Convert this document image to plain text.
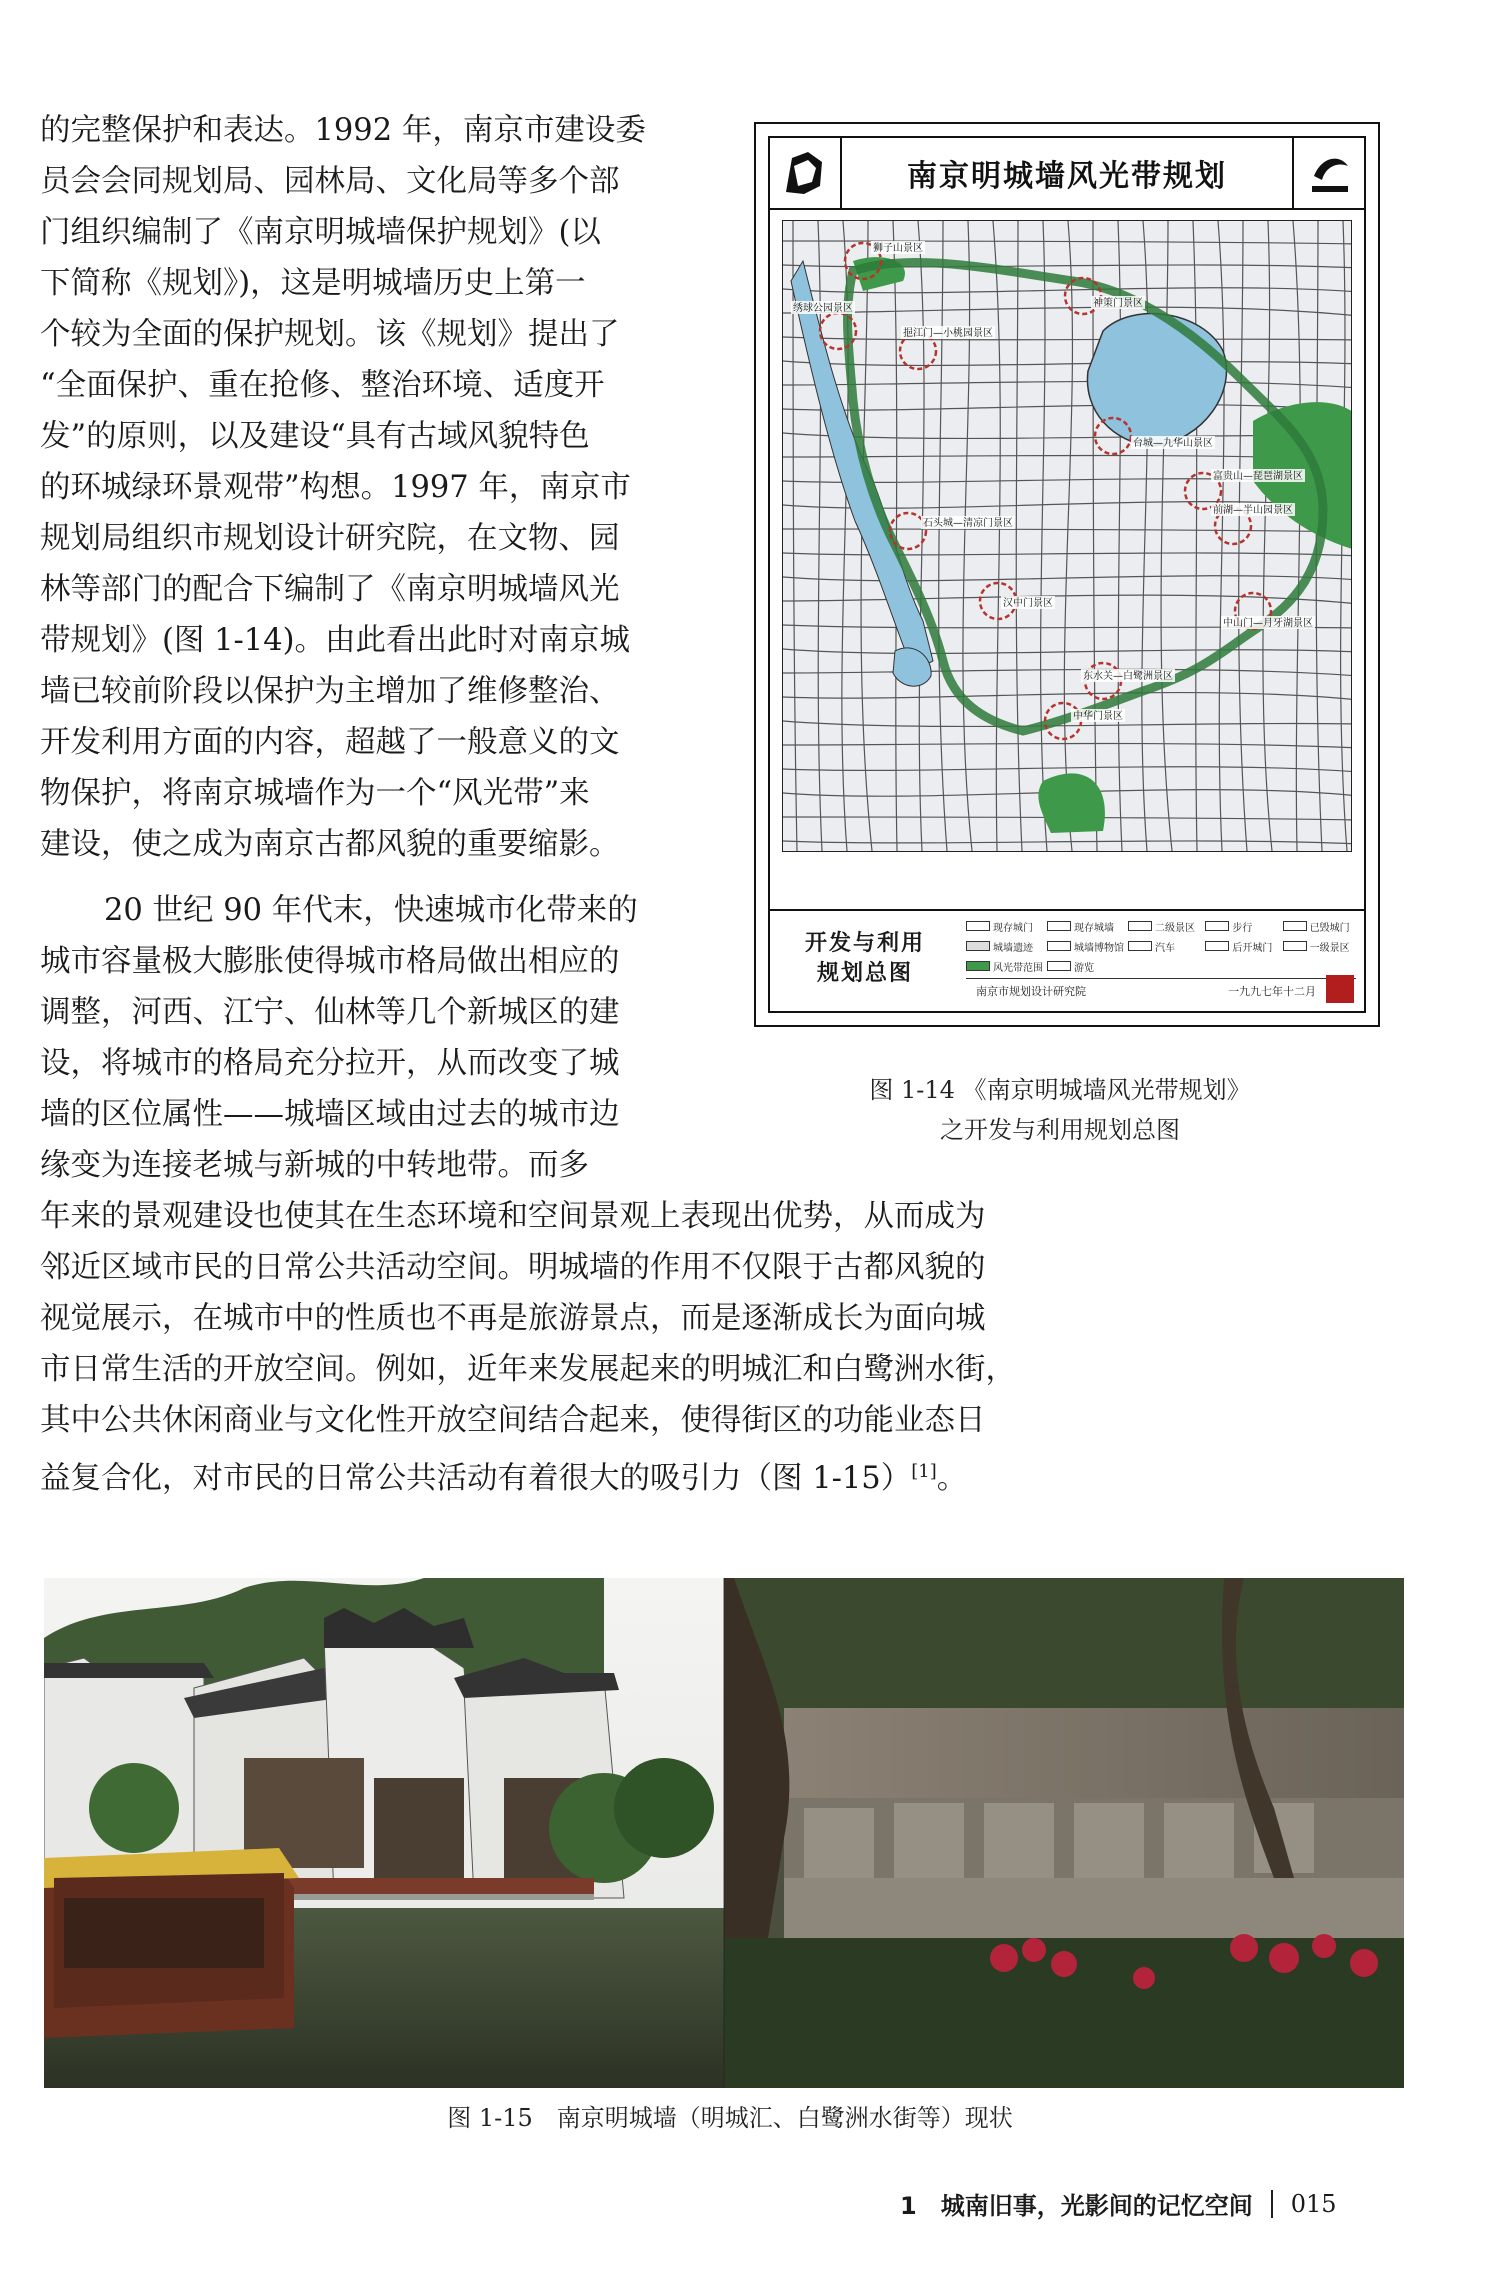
的完整保护和表达。1992 年，南京市建设委
员会会同规划局、园林局、文化局等多个部
门组织编制了《南京明城墙保护规划》(以
下简称《规划》)，这是明城墙历史上第一
个较为全面的保护规划。该《规划》提出了
“全面保护、重在抢修、整治环境、适度开
发”的原则，以及建设“具有古域风貌特色
的环城绿环景观带”构想。1997 年，南京市
规划局组织市规划设计研究院，在文物、园
林等部门的配合下编制了《南京明城墙风光
带规划》(图 1-14)。由此看出此时对南京城
墙已较前阶段以保护为主增加了维修整治、
开发利用方面的内容，超越了一般意义的文
物保护，将南京城墙作为一个“风光带”来
建设，使之成为南京古都风貌的重要缩影。
20 世纪 90 年代末，快速城市化带来的
城市容量极大膨胀使得城市格局做出相应的
调整，河西、江宁、仙林等几个新城区的建
设，将城市的格局充分拉开，从而改变了城
墙的区位属性——城墙区域由过去的城市边
缘变为连接老城与新城的中转地带。而多
年来的景观建设也使其在生态环境和空间景观上表现出优势，从而成为
邻近区域市民的日常公共活动空间。明城墙的作用不仅限于古都风貌的
视觉展示，在城市中的性质也不再是旅游景点，而是逐渐成长为面向城
市日常生活的开放空间。例如，近年来发展起来的明城汇和白鹭洲水街，
其中公共休闲商业与文化性开放空间结合起来，使得街区的功能业态日
益复合化，对市民的日常公共活动有着很大的吸引力（图 1-15）[1]。
南京明城墙风光带规划
狮子山景区
绣球公园景区	神策门景区
挹江门—小桃园景区
石头城—清凉门景区
台城—九华山景区
富贵山—琵琶湖景区
前湖—半山园景区
汉中门景区
中山门—月牙湖景区
东水关—白鹭洲景区
中华门景区
开发与利用
规划总图
现存城门	现存城墙	二级景区	步行	已毁城门
城墙遗迹	城墙博物馆	汽车	后开城门	一级景区
风光带范围	游览
南京市规划设计研究院	一九九七年十二月
图 1-14 《南京明城墙风光带规划》
之开发与利用规划总图
图 1-15　南京明城墙（明城汇、白鹭洲水街等）现状
1　城南旧事，光影间的记忆空间 015
